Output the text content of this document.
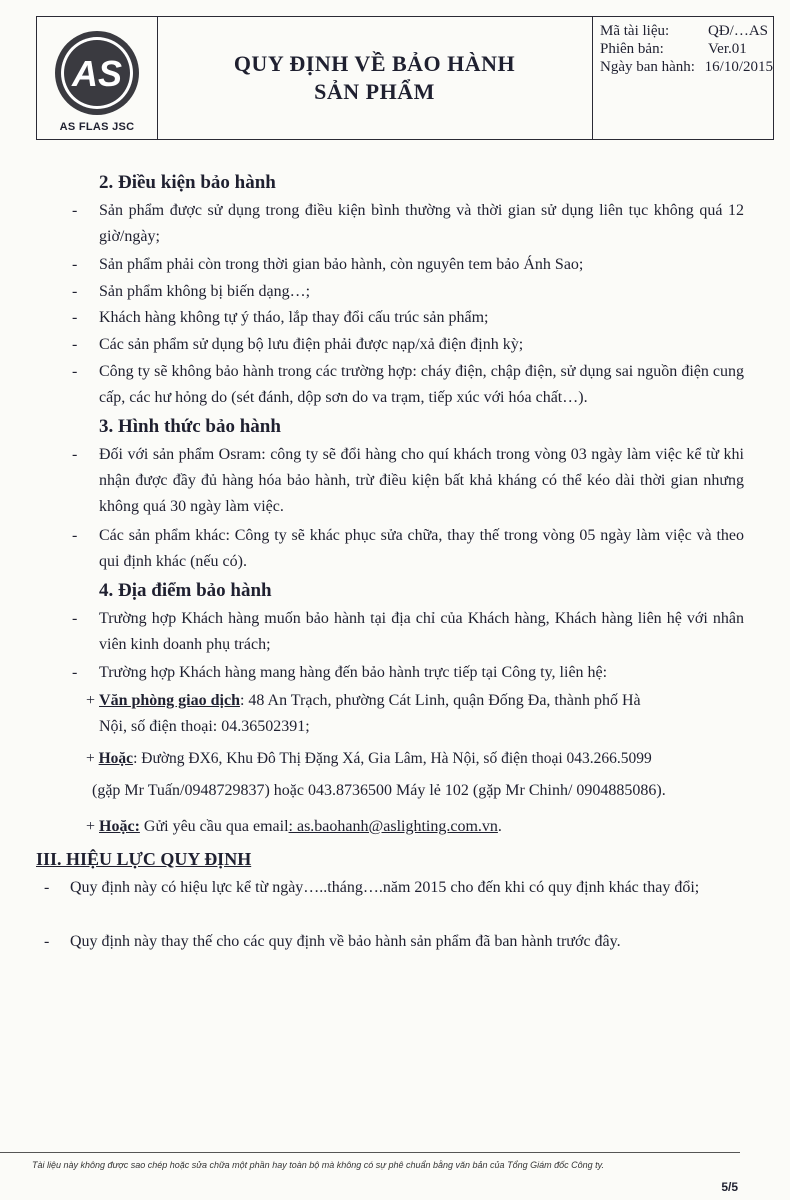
AS
AS FLAS JSC
QUY ĐỊNH VỀ BẢO HÀNH
SẢN PHẨM
Mã tài liệu:	QĐ/…AS
Phiên bản:	Ver.01
Ngày ban hành: 16/10/2015
2. Điều kiện bảo hành
- Sản phẩm được sử dụng trong điều kiện bình thường và thời gian sử dụng liên tục không quá 12 giờ/ngày;
- Sản phẩm phải còn trong thời gian bảo hành, còn nguyên tem bảo Ánh Sao;
- Sản phẩm không bị biến dạng…;
- Khách hàng không tự ý tháo, lắp thay đổi cấu trúc sản phẩm;
- Các sản phẩm sử dụng bộ lưu điện phải được nạp/xả điện định kỳ;
- Công ty sẽ không bảo hành trong các trường hợp: cháy điện, chập điện, sử dụng sai nguồn điện cung cấp, các hư hỏng do (sét đánh, dộp sơn do va trạm, tiếp xúc với hóa chất…).
3. Hình thức bảo hành
- Đối với sản phẩm Osram: công ty sẽ đổi hàng cho quí khách trong vòng 03 ngày làm việc kể từ khi nhận được đầy đủ hàng hóa bảo hành, trừ điều kiện bất khả kháng có thể kéo dài thời gian nhưng không quá 30 ngày làm việc.
- Các sản phẩm khác: Công ty sẽ khác phục sửa chữa, thay thế trong vòng 05 ngày làm việc và theo qui định khác (nếu có).
4. Địa điểm bảo hành
- Trường hợp Khách hàng muốn bảo hành tại địa chỉ của Khách hàng, Khách hàng liên hệ với nhân viên kinh doanh phụ trách;
- Trường hợp Khách hàng mang hàng đến bảo hành trực tiếp tại Công ty, liên hệ:
+ Văn phòng giao dịch: 48 An Trạch, phường Cát Linh, quận Đống Đa, thành phố Hà
Nội, số điện thoại: 04.36502391;
+ Hoặc: Đường ĐX6, Khu Đô Thị Đặng Xá, Gia Lâm, Hà Nội, số điện thoại 043.266.5099
(gặp Mr Tuấn/0948729837) hoặc 043.8736500 Máy lẻ 102 (gặp Mr Chinh/ 0904885086).
+ Hoặc: Gửi yêu cầu qua email: as.baohanh@aslighting.com.vn.
III. HIỆU LỰC QUY ĐỊNH
- Quy định này có hiệu lực kể từ ngày…..tháng….năm 2015 cho đến khi có quy định khác thay đổi;
- Quy định này thay thế cho các quy định về bảo hành sản phẩm đã ban hành trước đây.
Tài liệu này không được sao chép hoặc sửa chữa một phần hay toàn bộ mà không có sự phê chuẩn bằng văn bản của Tổng Giám đốc Công ty.
5/5
